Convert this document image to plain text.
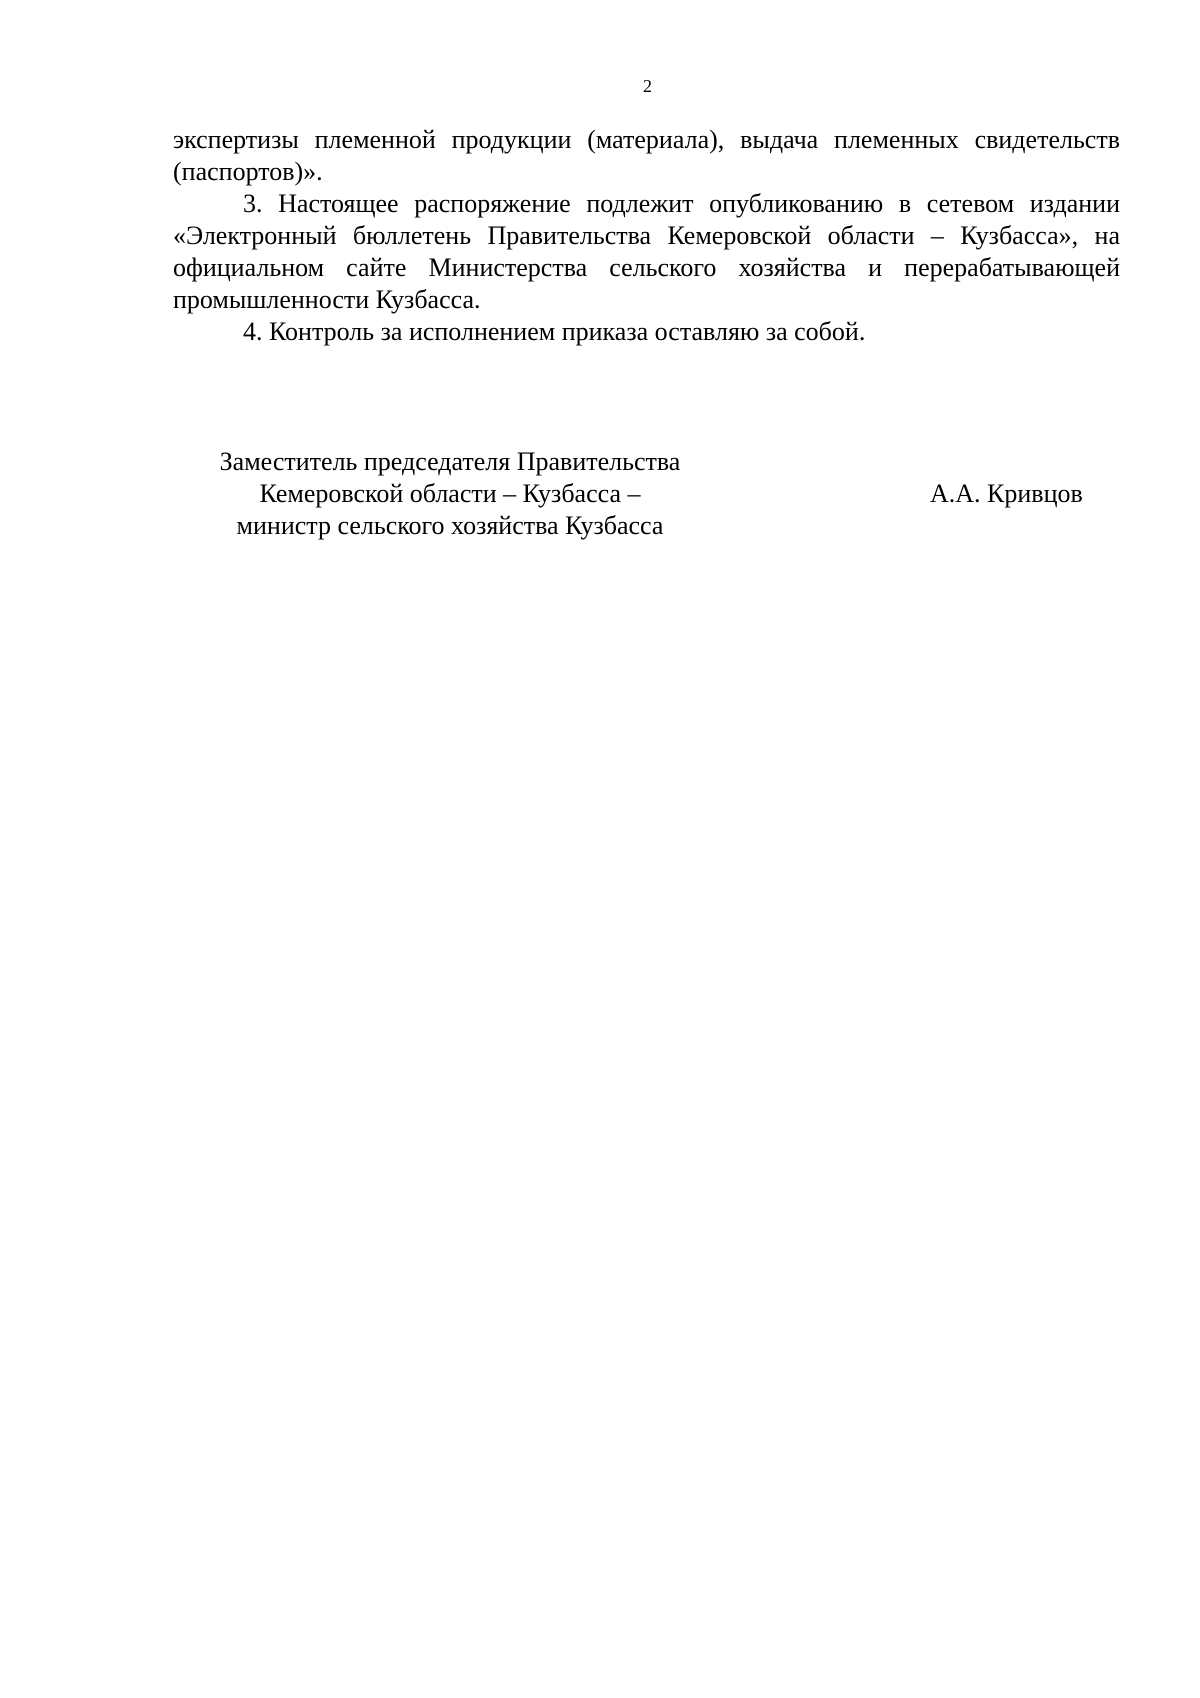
2

экспертизы племенной продукции (материала), выдача племенных свидетельств (паспортов)».

3. Настоящее распоряжение подлежит опубликованию в сетевом издании «Электронный бюллетень Правительства Кемеровской области – Кузбасса», на официальном сайте Министерства сельского хозяйства и перерабатывающей промышленности Кузбасса.

4. Контроль за исполнением приказа оставляю за собой.

Заместитель председателя Правительства
Кемеровской области – Кузбасса –
министр сельского хозяйства Кузбасса
А.А. Кривцов
